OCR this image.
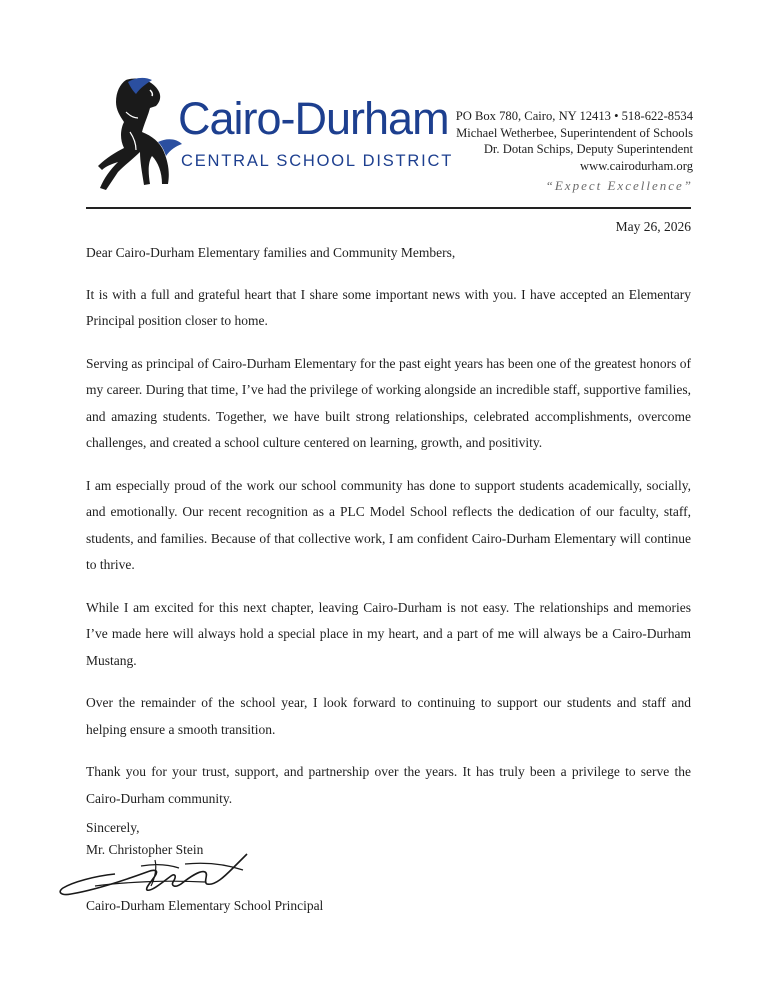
Cairo-Durham
CENTRAL SCHOOL DISTRICT
PO Box 780, Cairo, NY 12413 • 518-622-8534
Michael Wetherbee, Superintendent of Schools
Dr. Dotan Schips, Deputy Superintendent
www.cairodurham.org
“Expect Excellence”
May 26, 2026

Dear Cairo-Durham Elementary families and Community Members,

It is with a full and grateful heart that I share some important news with you. I have accepted an Elementary Principal position closer to home.

Serving as principal of Cairo-Durham Elementary for the past eight years has been one of the greatest honors of my career. During that time, I’ve had the privilege of working alongside an incredible staff, supportive families, and amazing students. Together, we have built strong relationships, celebrated accomplishments, overcome challenges, and created a school culture centered on learning, growth, and positivity.

I am especially proud of the work our school community has done to support students academically, socially, and emotionally. Our recent recognition as a PLC Model School reflects the dedication of our faculty, staff, students, and families. Because of that collective work, I am confident Cairo-Durham Elementary will continue to thrive.

While I am excited for this next chapter, leaving Cairo-Durham is not easy. The relationships and memories I’ve made here will always hold a special place in my heart, and a part of me will always be a Cairo-Durham Mustang.

Over the remainder of the school year, I look forward to continuing to support our students and staff and helping ensure a smooth transition.

Thank you for your trust, support, and partnership over the years. It has truly been a privilege to serve the Cairo-Durham community.

Sincerely,
Mr. Christopher Stein
Cairo-Durham Elementary School Principal
